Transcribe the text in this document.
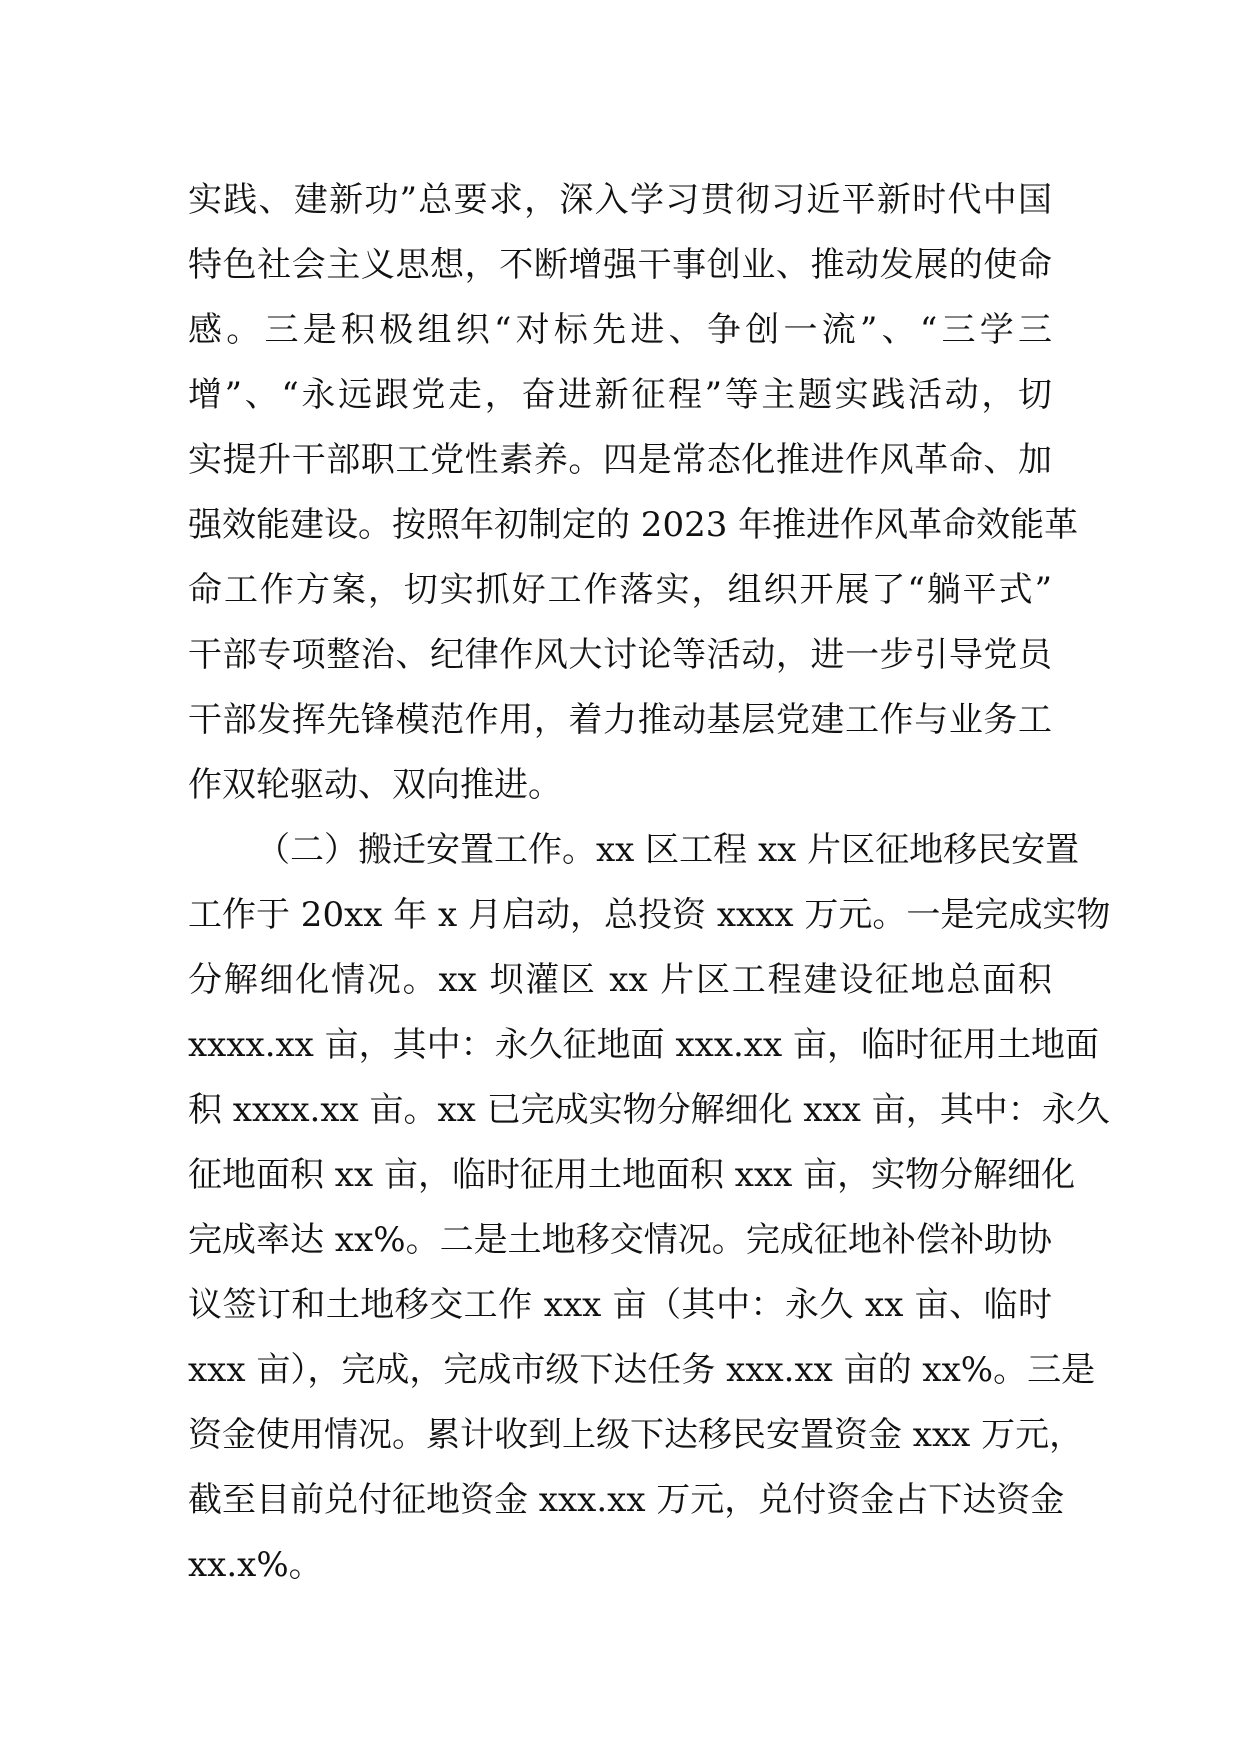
实践、建新功”总要求，深入学习贯彻习近平新时代中国
特色社会主义思想，不断增强干事创业、推动发展的使命
感。三是积极组织“对标先进、争创一流”、“三学三
增”、“永远跟党走，奋进新征程”等主题实践活动，切
实提升干部职工党性素养。四是常态化推进作风革命、加
强效能建设。按照年初制定的 2023 年推进作风革命效能革
命工作方案，切实抓好工作落实，组织开展了“躺平式”
干部专项整治、纪律作风大讨论等活动，进一步引导党员
干部发挥先锋模范作用，着力推动基层党建工作与业务工
作双轮驱动、双向推进。
（二）搬迁安置工作。xx 区工程 xx 片区征地移民安置
工作于 20xx 年 x 月启动，总投资 xxxx 万元。一是完成实物
分解细化情况。xx 坝灌区 xx 片区工程建设征地总面积
xxxx.xx 亩，其中：永久征地面 xxx.xx 亩，临时征用土地面
积 xxxx.xx 亩。xx 已完成实物分解细化 xxx 亩，其中：永久
征地面积 xx 亩，临时征用土地面积 xxx 亩，实物分解细化
完成率达 xx%。二是土地移交情况。完成征地补偿补助协
议签订和土地移交工作 xxx 亩（其中：永久 xx 亩、临时
xxx 亩），完成，完成市级下达任务 xxx.xx 亩的 xx%。三是
资金使用情况。累计收到上级下达移民安置资金 xxx 万元，
截至目前兑付征地资金 xxx.xx 万元，兑付资金占下达资金
xx.x%。
